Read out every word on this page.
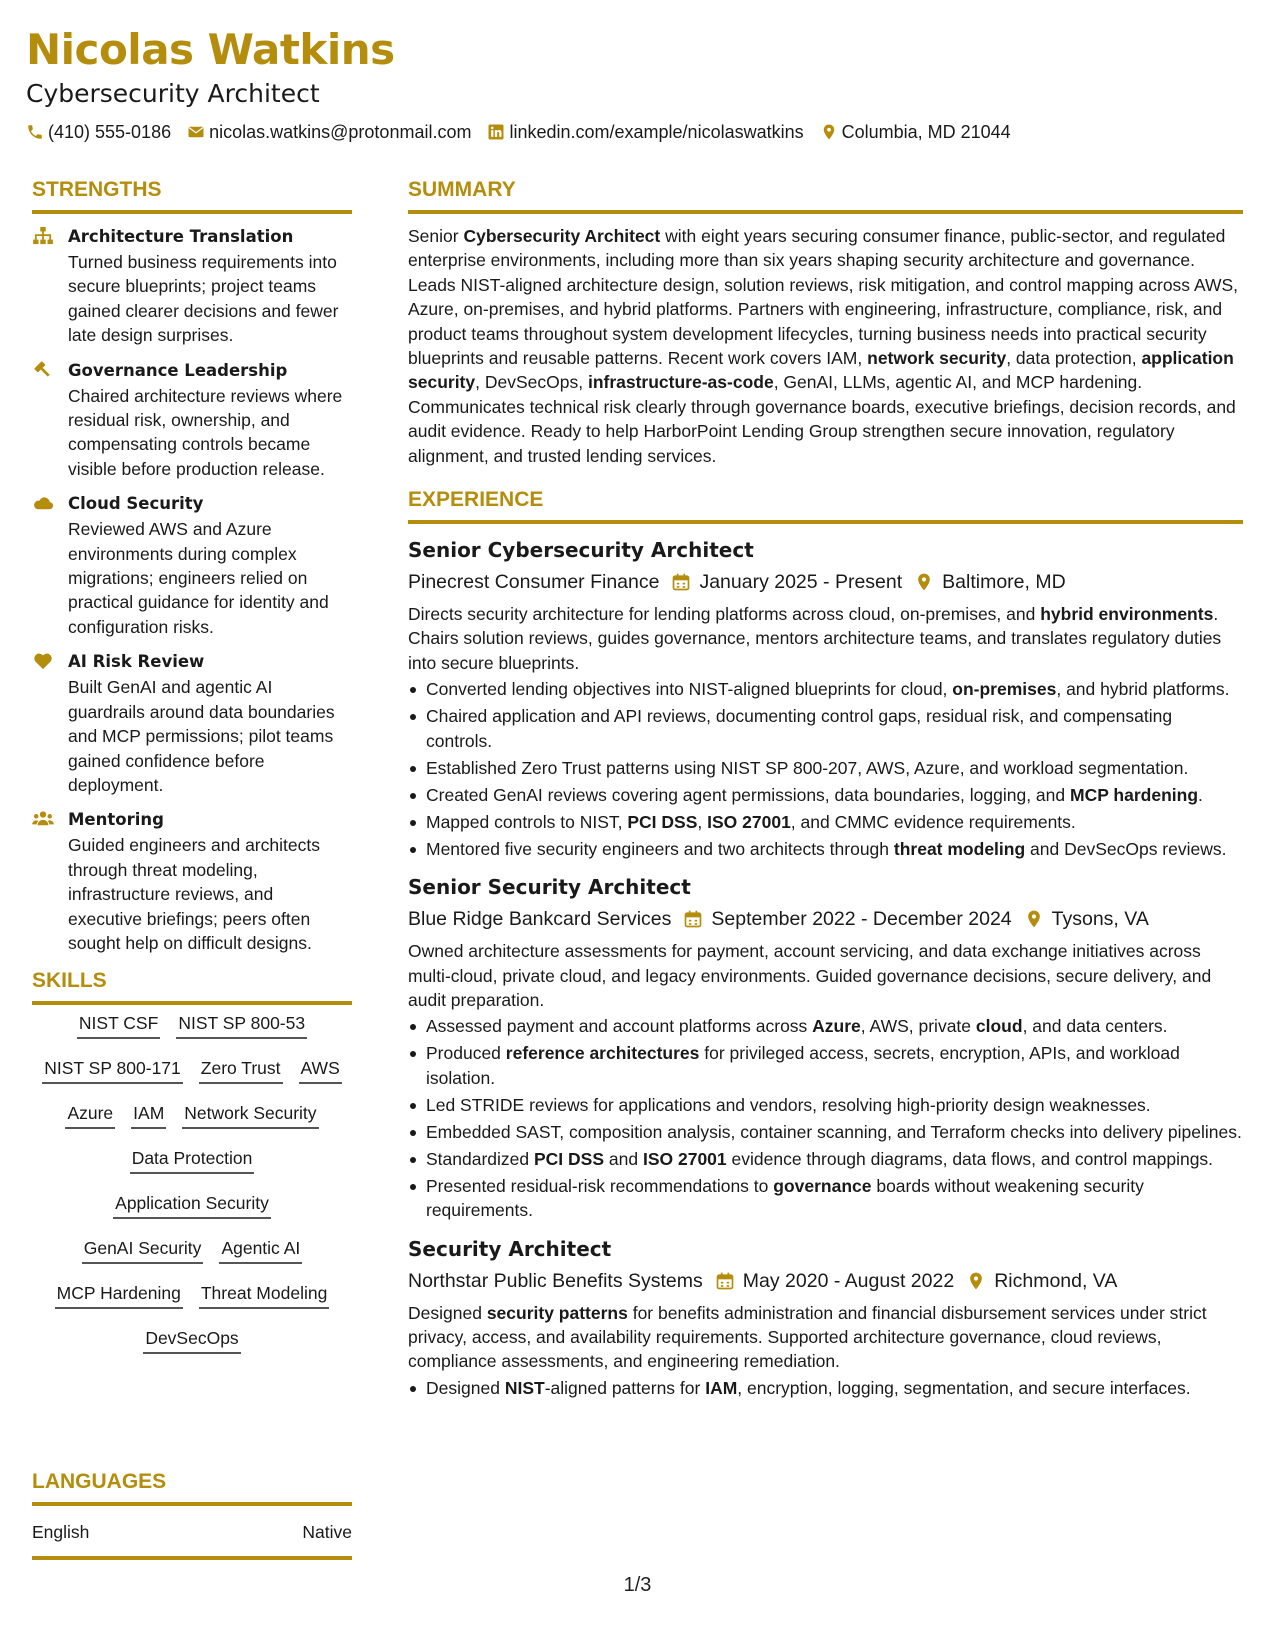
Nicolas Watkins
Cybersecurity Architect
(410) 555-0186 nicolas.watkins@protonmail.com linkedin.com/example/nicolaswatkins Columbia, MD 21044
STRENGTHS
Architecture Translation
Turned business requirements into secure blueprints; project teams gained clearer decisions and fewer late design surprises.
Governance Leadership
Chaired architecture reviews where residual risk, ownership, and compensating controls became visible before production release.
Cloud Security
Reviewed AWS and Azure environments during complex migrations; engineers relied on practical guidance for identity and configuration risks.
AI Risk Review
Built GenAI and agentic AI guardrails around data boundaries and MCP permissions; pilot teams gained confidence before deployment.
Mentoring
Guided engineers and architects through threat modeling, infrastructure reviews, and executive briefings; peers often sought help on difficult designs.
SKILLS
NIST CSF NIST SP 800-53
NIST SP 800-171 Zero Trust AWS
Azure IAM Network Security
Data Protection
Application Security
GenAI Security Agentic AI
MCP Hardening Threat Modeling
DevSecOps
LANGUAGES
English	Native
SUMMARY
Senior Cybersecurity Architect with eight years securing consumer finance, public-sector, and regulated enterprise environments, including more than six years shaping security architecture and governance. Leads NIST-aligned architecture design, solution reviews, risk mitigation, and control mapping across AWS, Azure, on-premises, and hybrid platforms. Partners with engineering, infrastructure, compliance, risk, and product teams throughout system development lifecycles, turning business needs into practical security blueprints and reusable patterns. Recent work covers IAM, network security, data protection, application security, DevSecOps, infrastructure-as-code, GenAI, LLMs, agentic AI, and MCP hardening. Communicates technical risk clearly through governance boards, executive briefings, decision records, and audit evidence. Ready to help HarborPoint Lending Group strengthen secure innovation, regulatory alignment, and trusted lending services.
EXPERIENCE
Senior Cybersecurity Architect
Pinecrest Consumer Finance January 2025 - Present Baltimore, MD
Directs security architecture for lending platforms across cloud, on-premises, and hybrid environments. Chairs solution reviews, guides governance, mentors architecture teams, and translates regulatory duties into secure blueprints.
Converted lending objectives into NIST-aligned blueprints for cloud, on-premises, and hybrid platforms.
Chaired application and API reviews, documenting control gaps, residual risk, and compensating controls.
Established Zero Trust patterns using NIST SP 800-207, AWS, Azure, and workload segmentation.
Created GenAI reviews covering agent permissions, data boundaries, logging, and MCP hardening.
Mapped controls to NIST, PCI DSS, ISO 27001, and CMMC evidence requirements.
Mentored five security engineers and two architects through threat modeling and DevSecOps reviews.
Senior Security Architect
Blue Ridge Bankcard Services September 2022 - December 2024 Tysons, VA
Owned architecture assessments for payment, account servicing, and data exchange initiatives across multi-cloud, private cloud, and legacy environments. Guided governance decisions, secure delivery, and audit preparation.
Assessed payment and account platforms across Azure, AWS, private cloud, and data centers.
Produced reference architectures for privileged access, secrets, encryption, APIs, and workload isolation.
Led STRIDE reviews for applications and vendors, resolving high-priority design weaknesses.
Embedded SAST, composition analysis, container scanning, and Terraform checks into delivery pipelines.
Standardized PCI DSS and ISO 27001 evidence through diagrams, data flows, and control mappings.
Presented residual-risk recommendations to governance boards without weakening security requirements.
Security Architect
Northstar Public Benefits Systems May 2020 - August 2022 Richmond, VA
Designed security patterns for benefits administration and financial disbursement services under strict privacy, access, and availability requirements. Supported architecture governance, cloud reviews, compliance assessments, and engineering remediation.
Designed NIST-aligned patterns for IAM, encryption, logging, segmentation, and secure interfaces.
1/3
